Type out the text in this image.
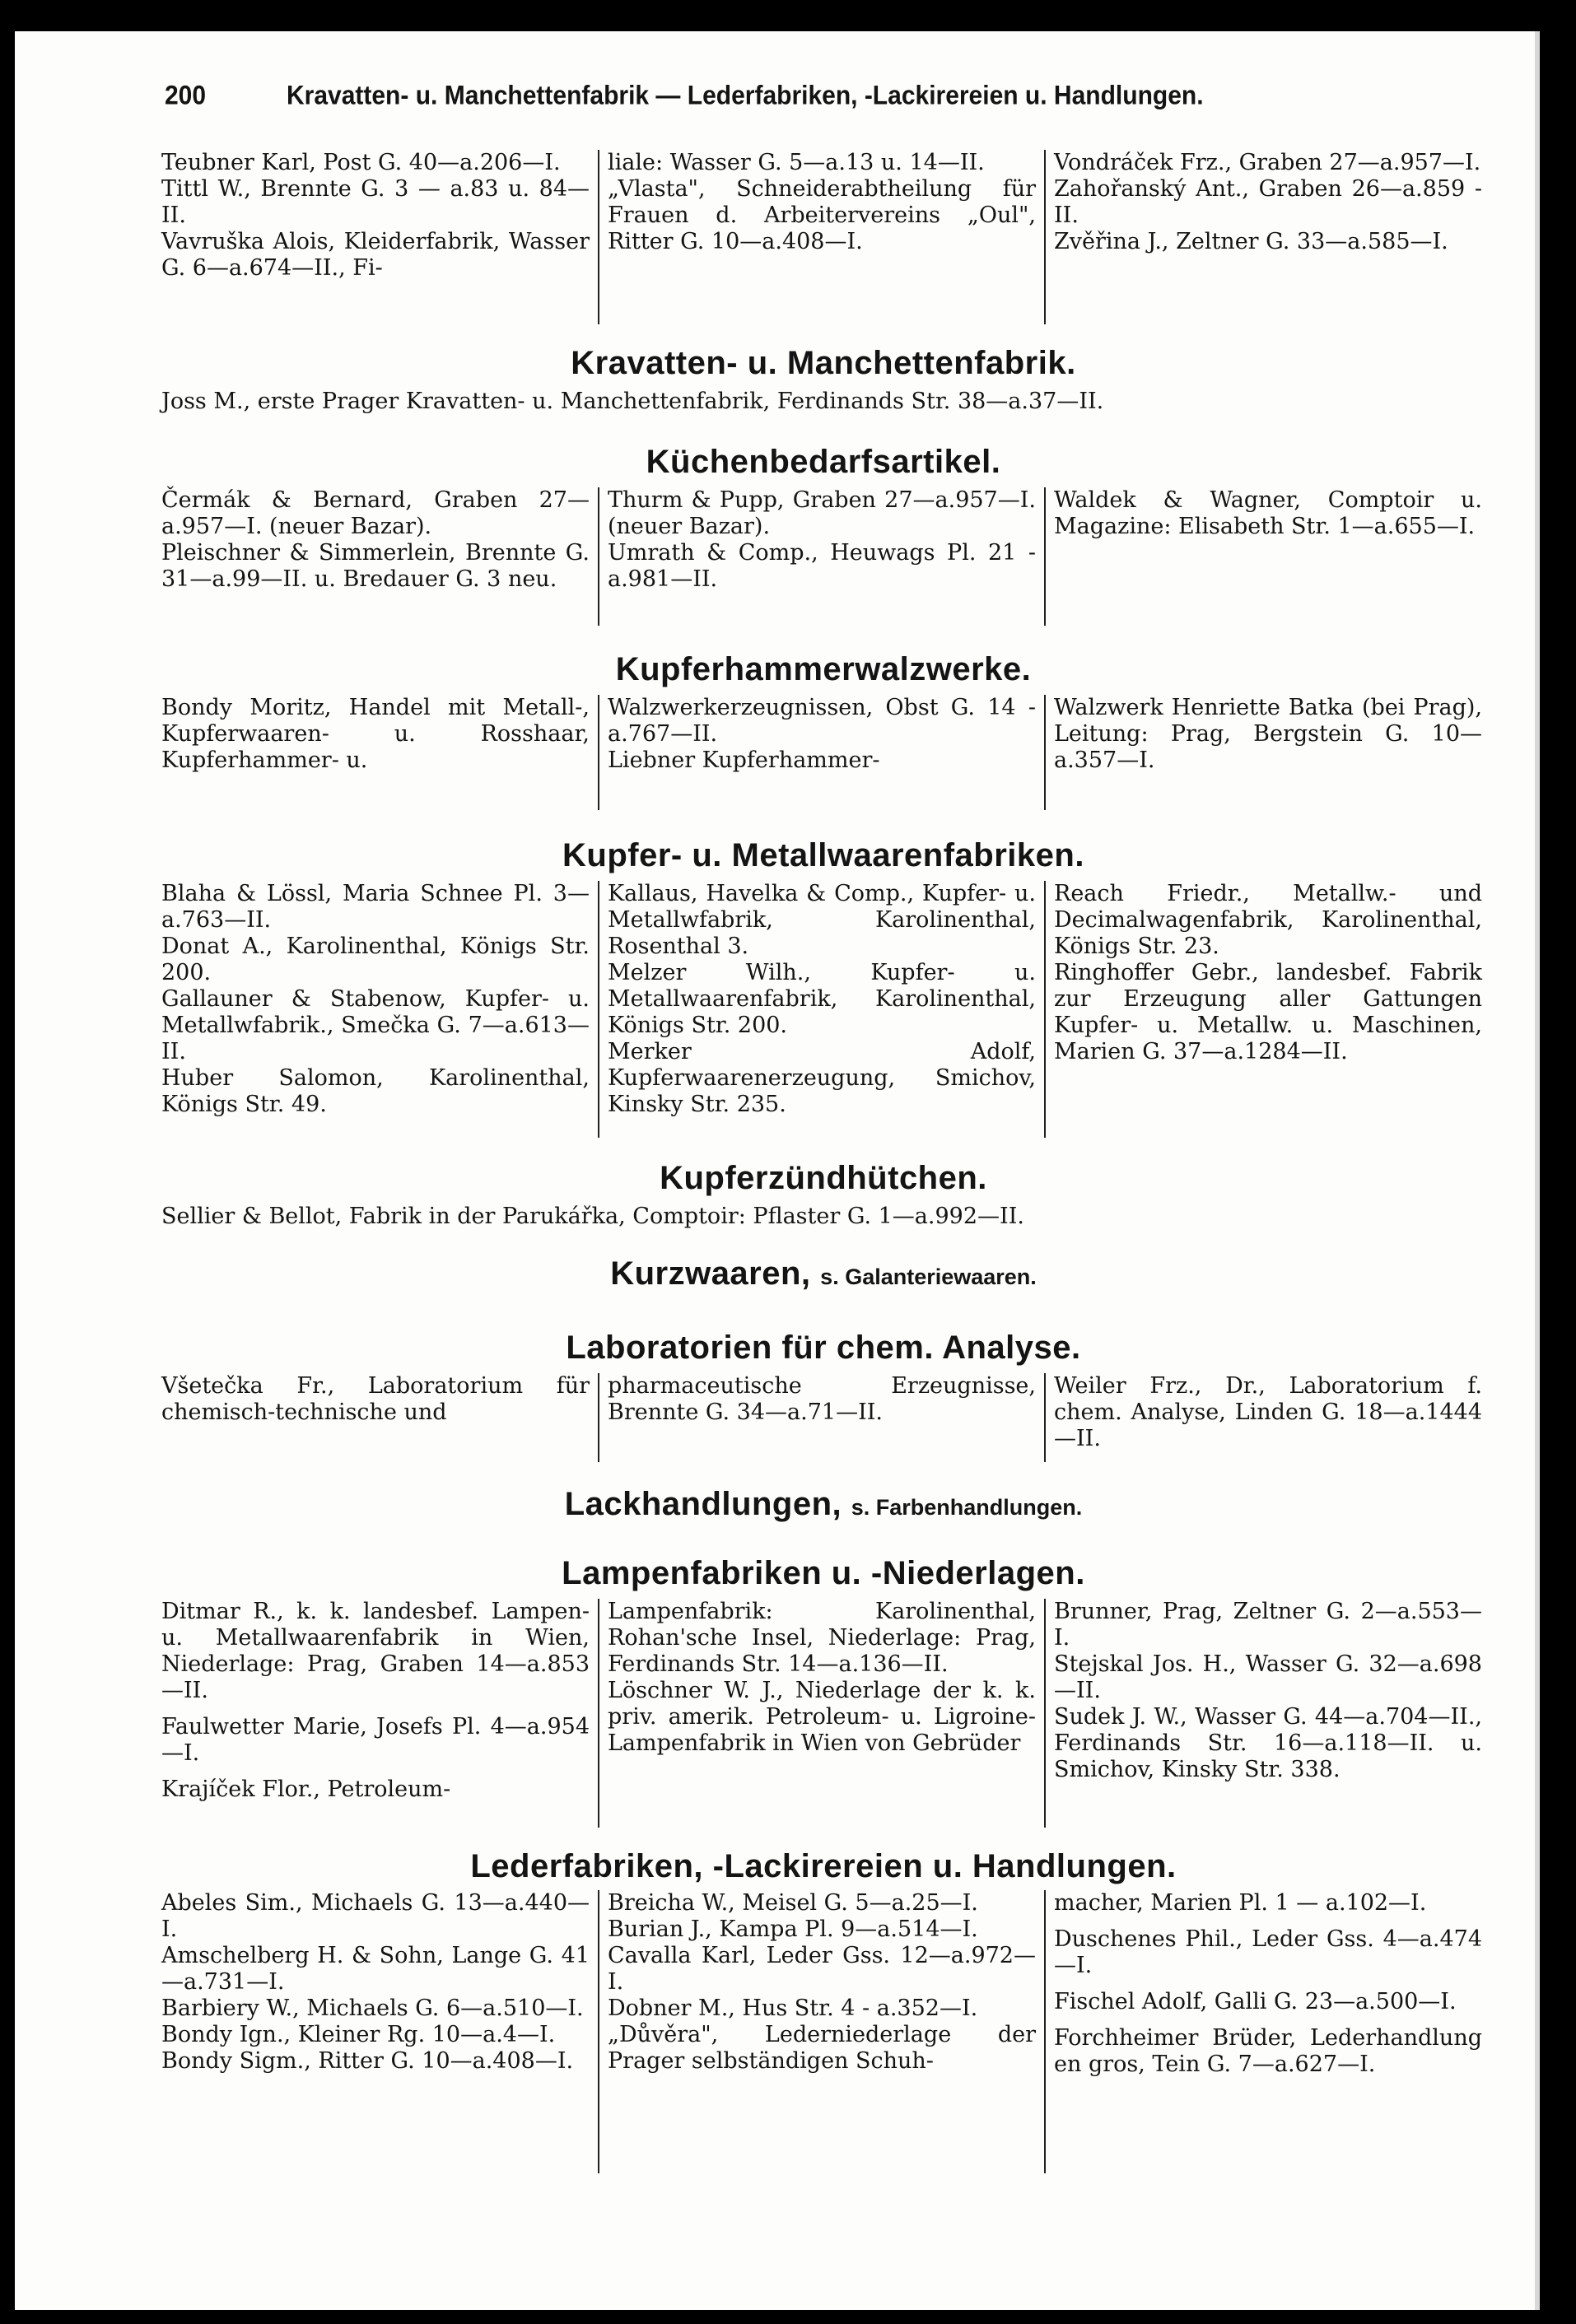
200	Kravatten- u. Manchettenfabrik — Lederfabriken, -Lackirereien u. Handlungen.
Teubner Karl, Post G. 40—a.206—I.
Tittl W., Brennte G. 3 — a.83 u. 84—II.
Vavruška Alois, Kleiderfabrik, Wasser G. 6—a.674—II., Fi-
liale: Wasser G. 5—a.13 u. 14—II.
„Vlasta", Schneiderabtheilung für Frauen d. Arbeitervereins „Oul", Ritter G. 10—a.408—I.
Vondráček Frz., Graben 27—a.957—I.
Zahořanský Ant., Graben 26—a.859 - II.
Zvěřina J., Zeltner G. 33—a.585—I.
Kravatten- u. Manchettenfabrik.
Joss M., erste Prager Kravatten- u. Manchettenfabrik, Ferdinands Str. 38—a.37—II.
Küchenbedarfsartikel.
Čermák & Bernard, Graben 27—a.957—I. (neuer Bazar).
Pleischner & Simmerlein, Brennte G. 31—a.99—II. u. Bredauer G. 3 neu.
Thurm & Pupp, Graben 27—a.957—I. (neuer Bazar).
Umrath & Comp., Heuwags Pl. 21 - a.981—II.
Waldek & Wagner, Comptoir u. Magazine: Elisabeth Str. 1—a.655—I.
Kupferhammerwalzwerke.
Bondy Moritz, Handel mit Metall-, Kupferwaaren- u. Rosshaar, Kupferhammer- u.
Walzwerkerzeugnissen, Obst G. 14 - a.767—II.
Liebner Kupferhammer-
Walzwerk Henriette Batka (bei Prag), Leitung: Prag, Bergstein G. 10—a.357—I.
Kupfer- u. Metallwaarenfabriken.
Blaha & Lössl, Maria Schnee Pl. 3—a.763—II.
Donat A., Karolinenthal, Königs Str. 200.
Gallauner & Stabenow, Kupfer- u. Metallwfabrik., Smečka G. 7—a.613—II.
Huber Salomon, Karolinenthal, Königs Str. 49.
Kallaus, Havelka & Comp., Kupfer- u. Metallwfabrik, Karolinenthal, Rosenthal 3.
Melzer Wilh., Kupfer- u. Metallwaarenfabrik, Karolinenthal, Königs Str. 200.
Merker Adolf, Kupferwaarenerzeugung, Smichov, Kinsky Str. 235.
Reach Friedr., Metallw.- und Decimalwagenfabrik, Karolinenthal, Königs Str. 23.
Ringhoffer Gebr., landesbef. Fabrik zur Erzeugung aller Gattungen Kupfer- u. Metallw. u. Maschinen, Marien G. 37—a.1284—II.
Kupferzündhütchen.
Sellier & Bellot, Fabrik in der Parukářka, Comptoir: Pflaster G. 1—a.992—II.
Kurzwaaren, s. Galanteriewaaren.
Laboratorien für chem. Analyse.
Všetečka Fr., Laboratorium für chemisch-technische und
pharmaceutische Erzeugnisse, Brennte G. 34—a.71—II.
Weiler Frz., Dr., Laboratorium f. chem. Analyse, Linden G. 18—a.1444—II.
Lackhandlungen, s. Farbenhandlungen.
Lampenfabriken u. -Niederlagen.
Ditmar R., k. k. landesbef. Lampen- u. Metallwaarenfabrik in Wien, Niederlage: Prag, Graben 14—a.853—II.
Faulwetter Marie, Josefs Pl. 4—a.954—I.
Krajíček Flor., Petroleum-
Lampenfabrik: Karolinenthal, Rohan'sche Insel, Niederlage: Prag, Ferdinands Str. 14—a.136—II.
Löschner W. J., Niederlage der k. k. priv. amerik. Petroleum- u. Ligroine-Lampenfabrik in Wien von Gebrüder
Brunner, Prag, Zeltner G. 2—a.553—I.
Stejskal Jos. H., Wasser G. 32—a.698—II.
Sudek J. W., Wasser G. 44—a.704—II., Ferdinands Str. 16—a.118—II. u. Smichov, Kinsky Str. 338.
Lederfabriken, -Lackirereien u. Handlungen.
Abeles Sim., Michaels G. 13—a.440—I.
Amschelberg H. & Sohn, Lange G. 41—a.731—I.
Barbiery W., Michaels G. 6—a.510—I.
Bondy Ign., Kleiner Rg. 10—a.4—I.
Bondy Sigm., Ritter G. 10—a.408—I.
Breicha W., Meisel G. 5—a.25—I.
Burian J., Kampa Pl. 9—a.514—I.
Cavalla Karl, Leder Gss. 12—a.972—I.
Dobner M., Hus Str. 4 - a.352—I.
„Důvěra", Lederniederlage der Prager selbständigen Schuh-
macher, Marien Pl. 1 — a.102—I.
Duschenes Phil., Leder Gss. 4—a.474—I.
Fischel Adolf, Galli G. 23—a.500—I.
Forchheimer Brüder, Lederhandlung en gros, Tein G. 7—a.627—I.
